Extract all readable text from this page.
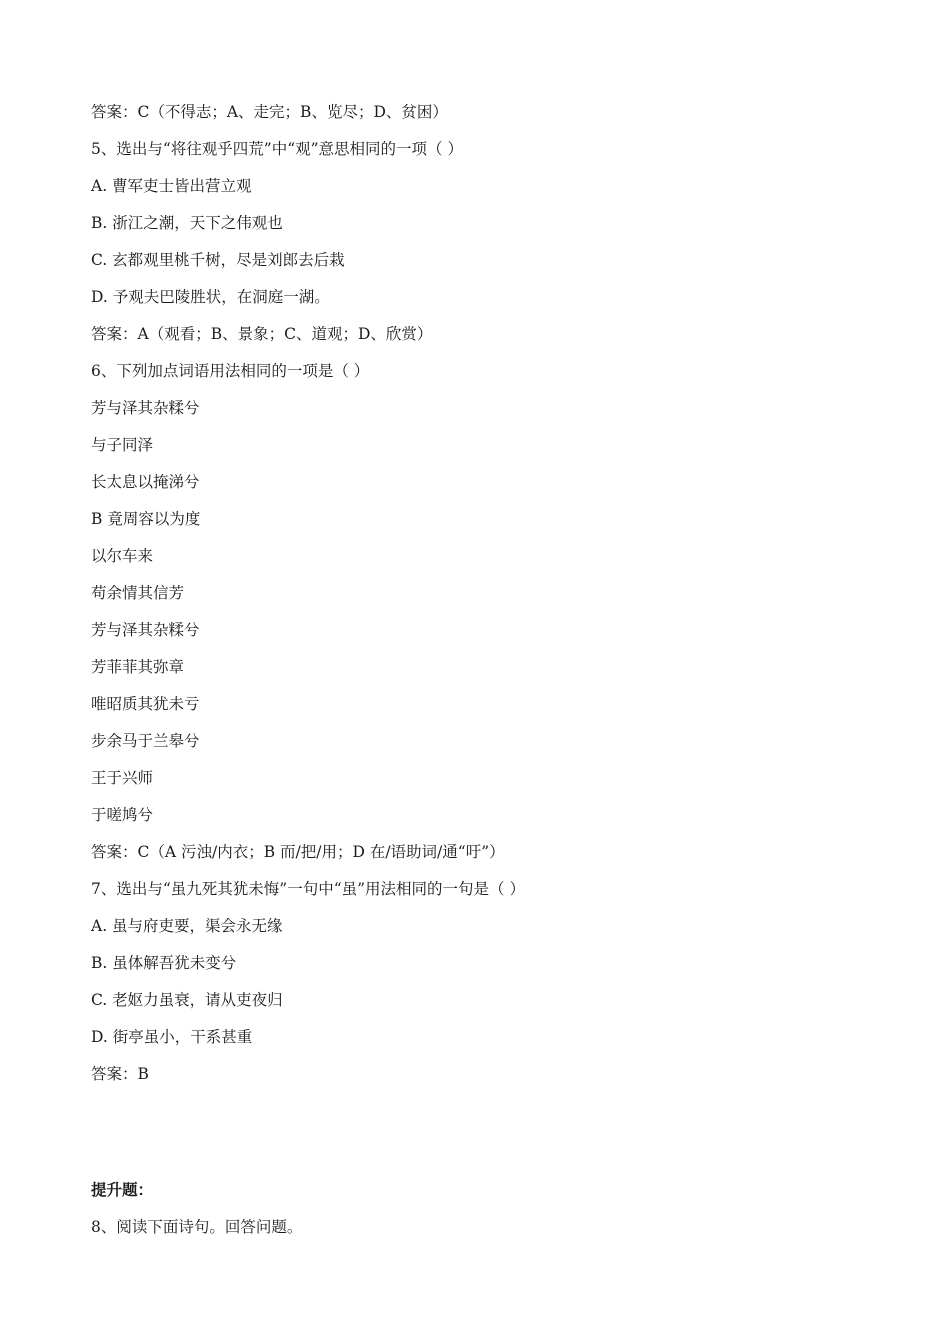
答案：C（不得志；A、走完；B、览尽；D、贫困）
5、选出与“将往观乎四荒”中“观”意思相同的一项（ ）
A. 曹军吏士皆出营立观
B. 浙江之潮，天下之伟观也
C. 玄都观里桃千树，尽是刘郎去后栽
D. 予观夫巴陵胜状，在洞庭一湖。
答案：A（观看；B、景象；C、道观；D、欣赏）
6、下列加点词语用法相同的一项是（ ）
芳与泽其杂糅兮
与子同泽
长太息以掩涕兮
B 竟周容以为度
以尔车来
苟余情其信芳
芳与泽其杂糅兮
芳菲菲其弥章
唯昭质其犹未亏
步余马于兰皋兮
王于兴师
于嗟鸠兮
答案：C（A 污浊/内衣；B 而/把/用；D 在/语助词/通“吁”）
7、选出与“虽九死其犹未悔”一句中“虽”用法相同的一句是（ ）
A. 虽与府吏要，渠会永无缘
B. 虽体解吾犹未变兮
C. 老妪力虽衰，请从吏夜归
D. 街亭虽小，干系甚重
答案：B
提升题：
8、阅读下面诗句。回答问题。
